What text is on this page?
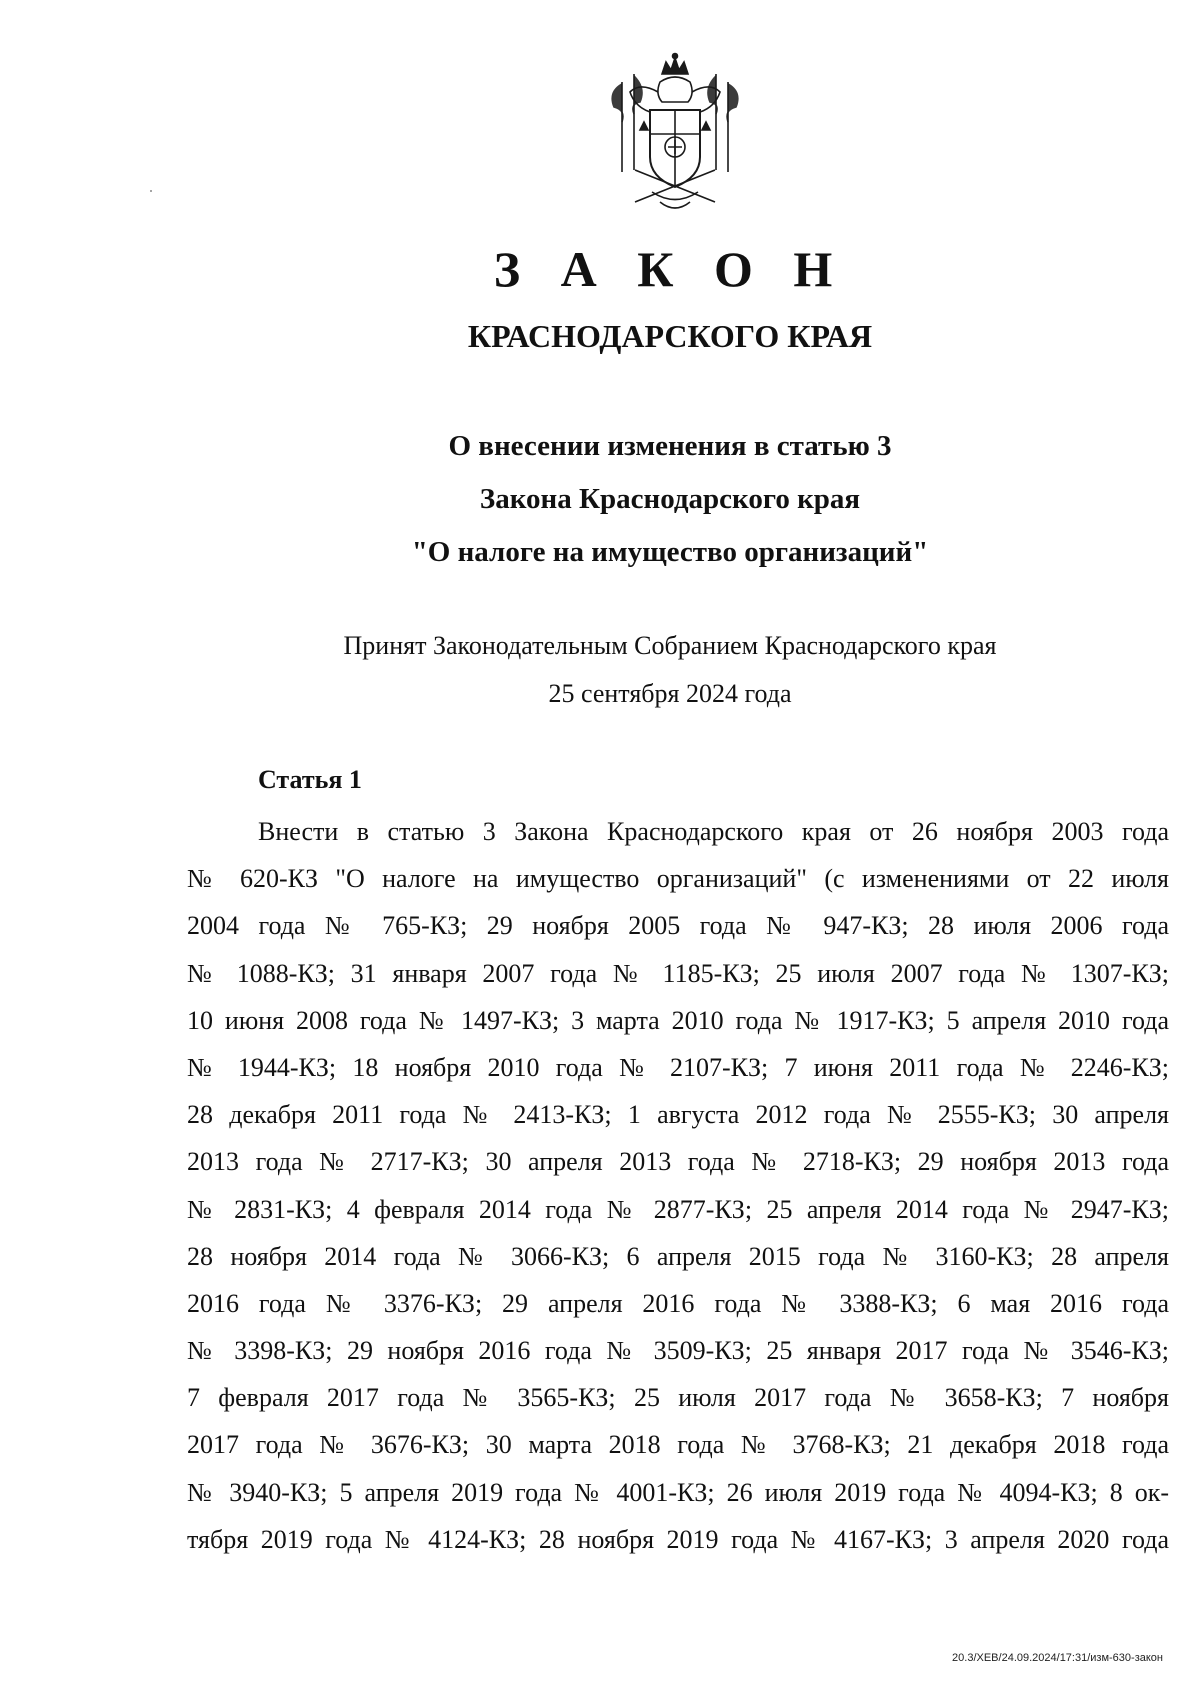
З А К О Н
КРАСНОДАРСКОГО КРАЯ
О внесении изменения в статью 3
Закона Краснодарского края
"О налоге на имущество организаций"
Принят Законодательным Собранием Краснодарского края
25 сентября 2024 года
Статья 1
Внести в статью 3 Закона Краснодарского края от 26 ноября 2003 года
№ 620-КЗ "О налоге на имущество организаций" (с изменениями от 22 июля
2004 года № 765-КЗ; 29 ноября 2005 года № 947-КЗ; 28 июля 2006 года
№ 1088-КЗ; 31 января 2007 года № 1185-КЗ; 25 июля 2007 года № 1307-КЗ;
10 июня 2008 года № 1497-КЗ; 3 марта 2010 года № 1917-КЗ; 5 апреля 2010 года
№ 1944-КЗ; 18 ноября 2010 года № 2107-КЗ; 7 июня 2011 года № 2246-КЗ;
28 декабря 2011 года № 2413-КЗ; 1 августа 2012 года № 2555-КЗ; 30 апреля
2013 года № 2717-КЗ; 30 апреля 2013 года № 2718-КЗ; 29 ноября 2013 года
№ 2831-КЗ; 4 февраля 2014 года № 2877-КЗ; 25 апреля 2014 года № 2947-КЗ;
28 ноября 2014 года № 3066-КЗ; 6 апреля 2015 года № 3160-КЗ; 28 апреля
2016 года № 3376-КЗ; 29 апреля 2016 года № 3388-КЗ; 6 мая 2016 года
№ 3398-КЗ; 29 ноября 2016 года № 3509-КЗ; 25 января 2017 года № 3546-КЗ;
7 февраля 2017 года № 3565-КЗ; 25 июля 2017 года № 3658-КЗ; 7 ноября
2017 года № 3676-КЗ; 30 марта 2018 года № 3768-КЗ; 21 декабря 2018 года
№ 3940-КЗ; 5 апреля 2019 года № 4001-КЗ; 26 июля 2019 года № 4094-КЗ; 8 ок-
тября 2019 года № 4124-КЗ; 28 ноября 2019 года № 4167-КЗ; 3 апреля 2020 года
20.3/ХЕВ/24.09.2024/17:31/изм-630-закон
